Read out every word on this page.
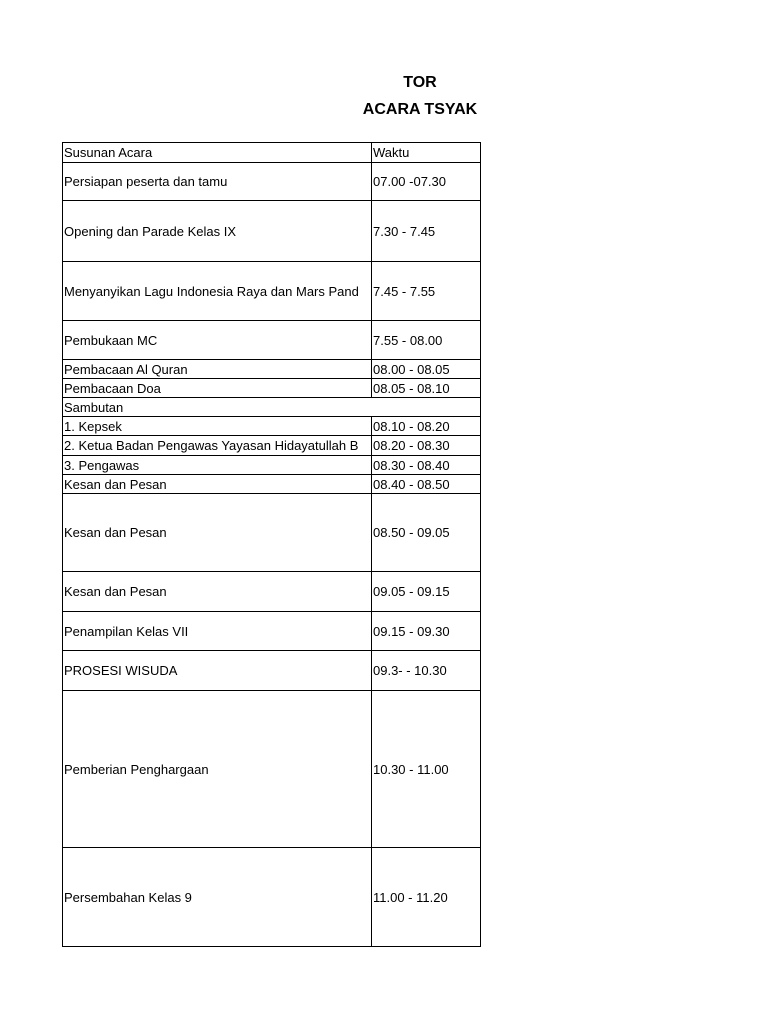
TOR
ACARA TSYAK
Susunan Acara	Waktu
Persiapan peserta dan tamu	07.00 -07.30
Opening dan Parade Kelas IX	7.30 - 7.45
Menyanyikan Lagu Indonesia Raya dan Mars Pand	7.45 - 7.55
Pembukaan MC	7.55 - 08.00
Pembacaan Al Quran	08.00 - 08.05
Pembacaan Doa	08.05 - 08.10
Sambutan	
1. Kepsek	08.10 - 08.20
2. Ketua Badan Pengawas Yayasan Hidayatullah B	08.20 - 08.30
3. Pengawas	08.30 - 08.40
Kesan dan Pesan	08.40 - 08.50
Kesan dan Pesan	08.50 - 09.05
Kesan dan Pesan	09.05 - 09.15
Penampilan Kelas VII	09.15 - 09.30
PROSESI WISUDA	09.3- - 10.30
Pemberian Penghargaan	10.30 - 11.00
Persembahan Kelas 9	11.00 - 11.20
